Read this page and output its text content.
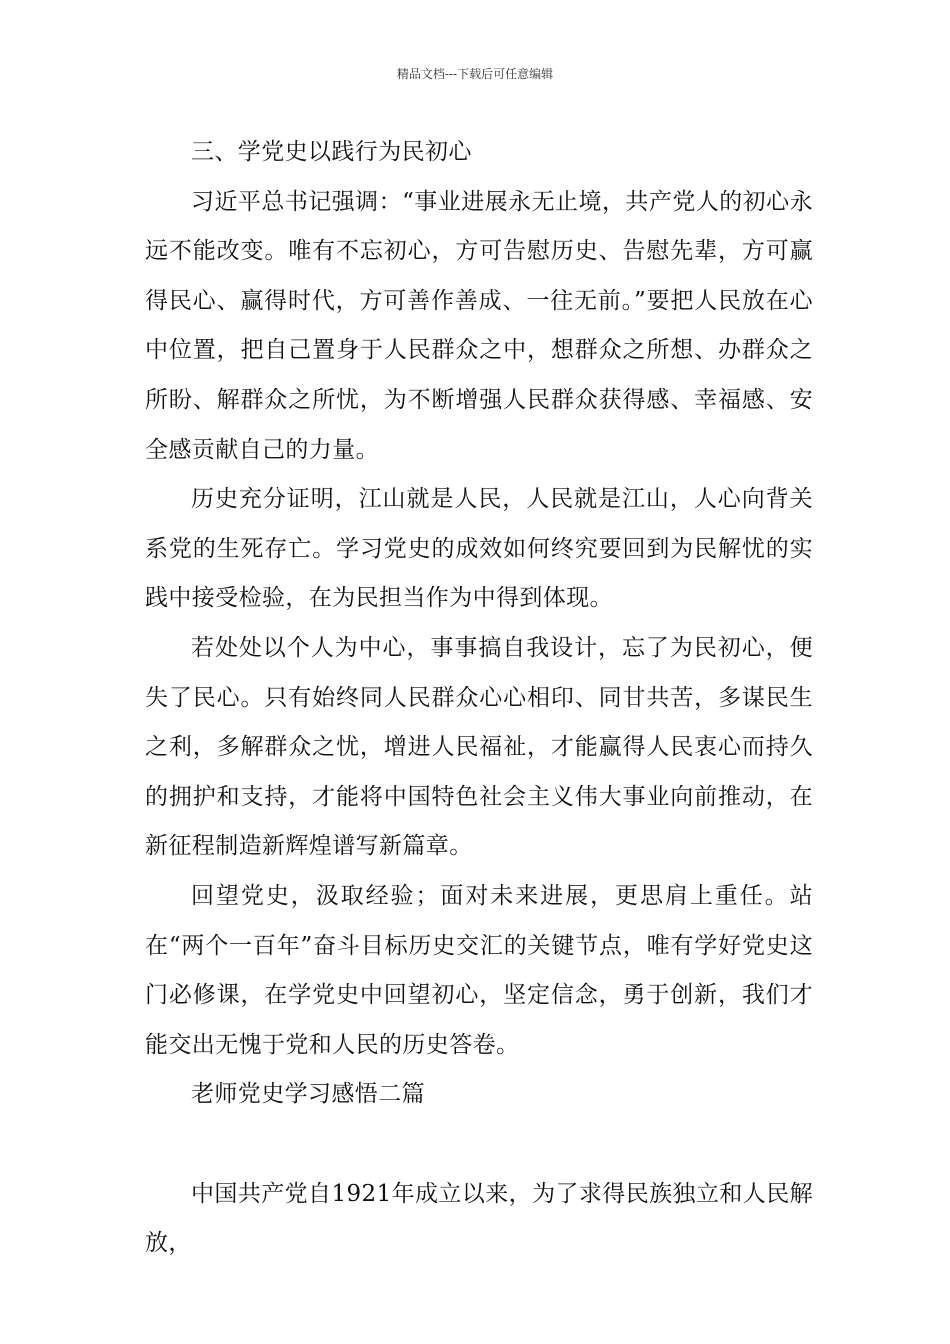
精品文档---下载后可任意编辑

三、学党史以践行为民初心

习近平总书记强调：“事业进展永无止境，共产党人的初心永远不能改变。唯有不忘初心，方可告慰历史、告慰先辈，方可赢得民心、赢得时代，方可善作善成、一往无前。”要把人民放在心中位置，把自己置身于人民群众之中，想群众之所想、办群众之所盼、解群众之所忧，为不断增强人民群众获得感、幸福感、安全感贡献自己的力量。

历史充分证明，江山就是人民，人民就是江山，人心向背关系党的生死存亡。学习党史的成效如何终究要回到为民解忧的实践中接受检验，在为民担当作为中得到体现。

若处处以个人为中心，事事搞自我设计，忘了为民初心，便失了民心。只有始终同人民群众心心相印、同甘共苦，多谋民生之利，多解群众之忧，增进人民福祉，才能赢得人民衷心而持久的拥护和支持，才能将中国特色社会主义伟大事业向前推动，在新征程制造新辉煌谱写新篇章。

回望党史，汲取经验；面对未来进展，更思肩上重任。站在“两个一百年”奋斗目标历史交汇的关键节点，唯有学好党史这门必修课，在学党史中回望初心，坚定信念，勇于创新，我们才能交出无愧于党和人民的历史答卷。

老师党史学习感悟二篇

中国共产党自1921年成立以来，为了求得民族独立和人民解放，
